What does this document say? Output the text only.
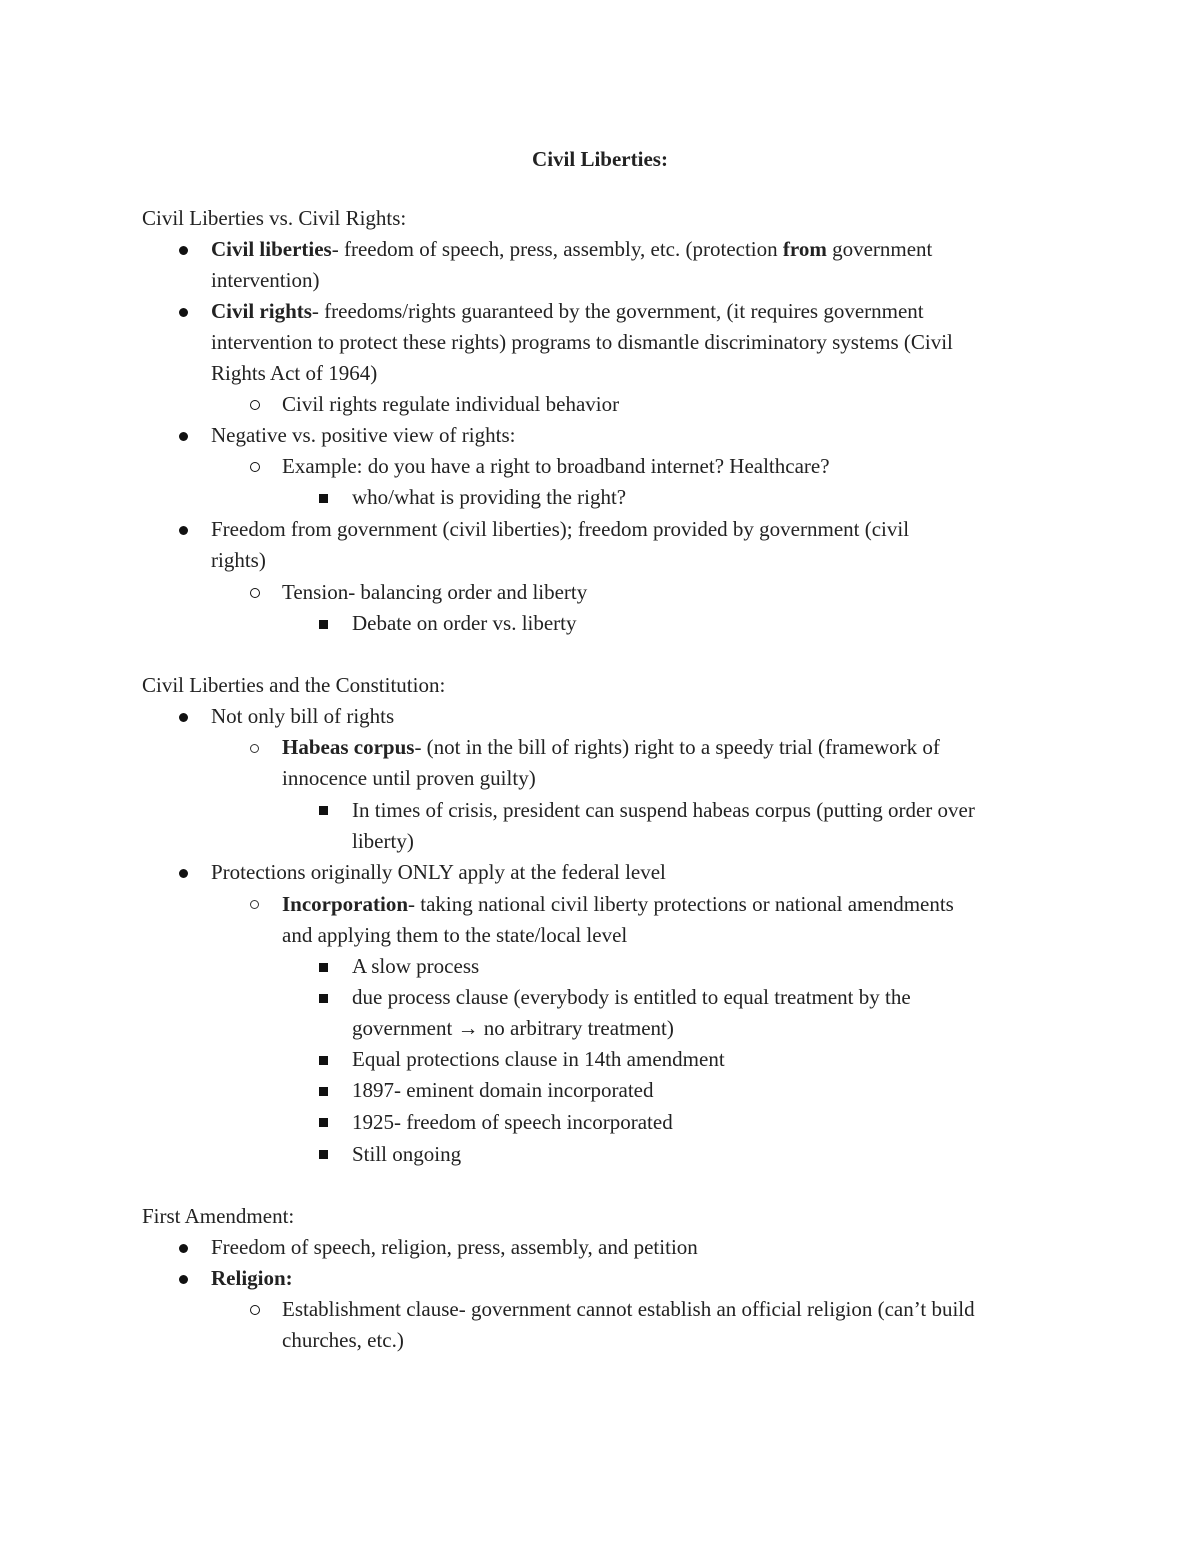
Civil Liberties:
Civil Liberties vs. Civil Rights:
Civil liberties- freedom of speech, press, assembly, etc. (protection from government
intervention)
Civil rights- freedoms/rights guaranteed by the government, (it requires government
intervention to protect these rights) programs to dismantle discriminatory systems (Civil
Rights Act of 1964)
Civil rights regulate individual behavior
Negative vs. positive view of rights:
Example: do you have a right to broadband internet? Healthcare?
who/what is providing the right?
Freedom from government (civil liberties); freedom provided by government (civil
rights)
Tension- balancing order and liberty
Debate on order vs. liberty
Civil Liberties and the Constitution:
Not only bill of rights
Habeas corpus- (not in the bill of rights) right to a speedy trial (framework of
innocence until proven guilty)
In times of crisis, president can suspend habeas corpus (putting order over
liberty)
Protections originally ONLY apply at the federal level
Incorporation- taking national civil liberty protections or national amendments
and applying them to the state/local level
A slow process
due process clause (everybody is entitled to equal treatment by the
government → no arbitrary treatment)
Equal protections clause in 14th amendment
1897- eminent domain incorporated
1925- freedom of speech incorporated
Still ongoing
First Amendment:
Freedom of speech, religion, press, assembly, and petition
Religion:
Establishment clause- government cannot establish an official religion (can’t build
churches, etc.)
